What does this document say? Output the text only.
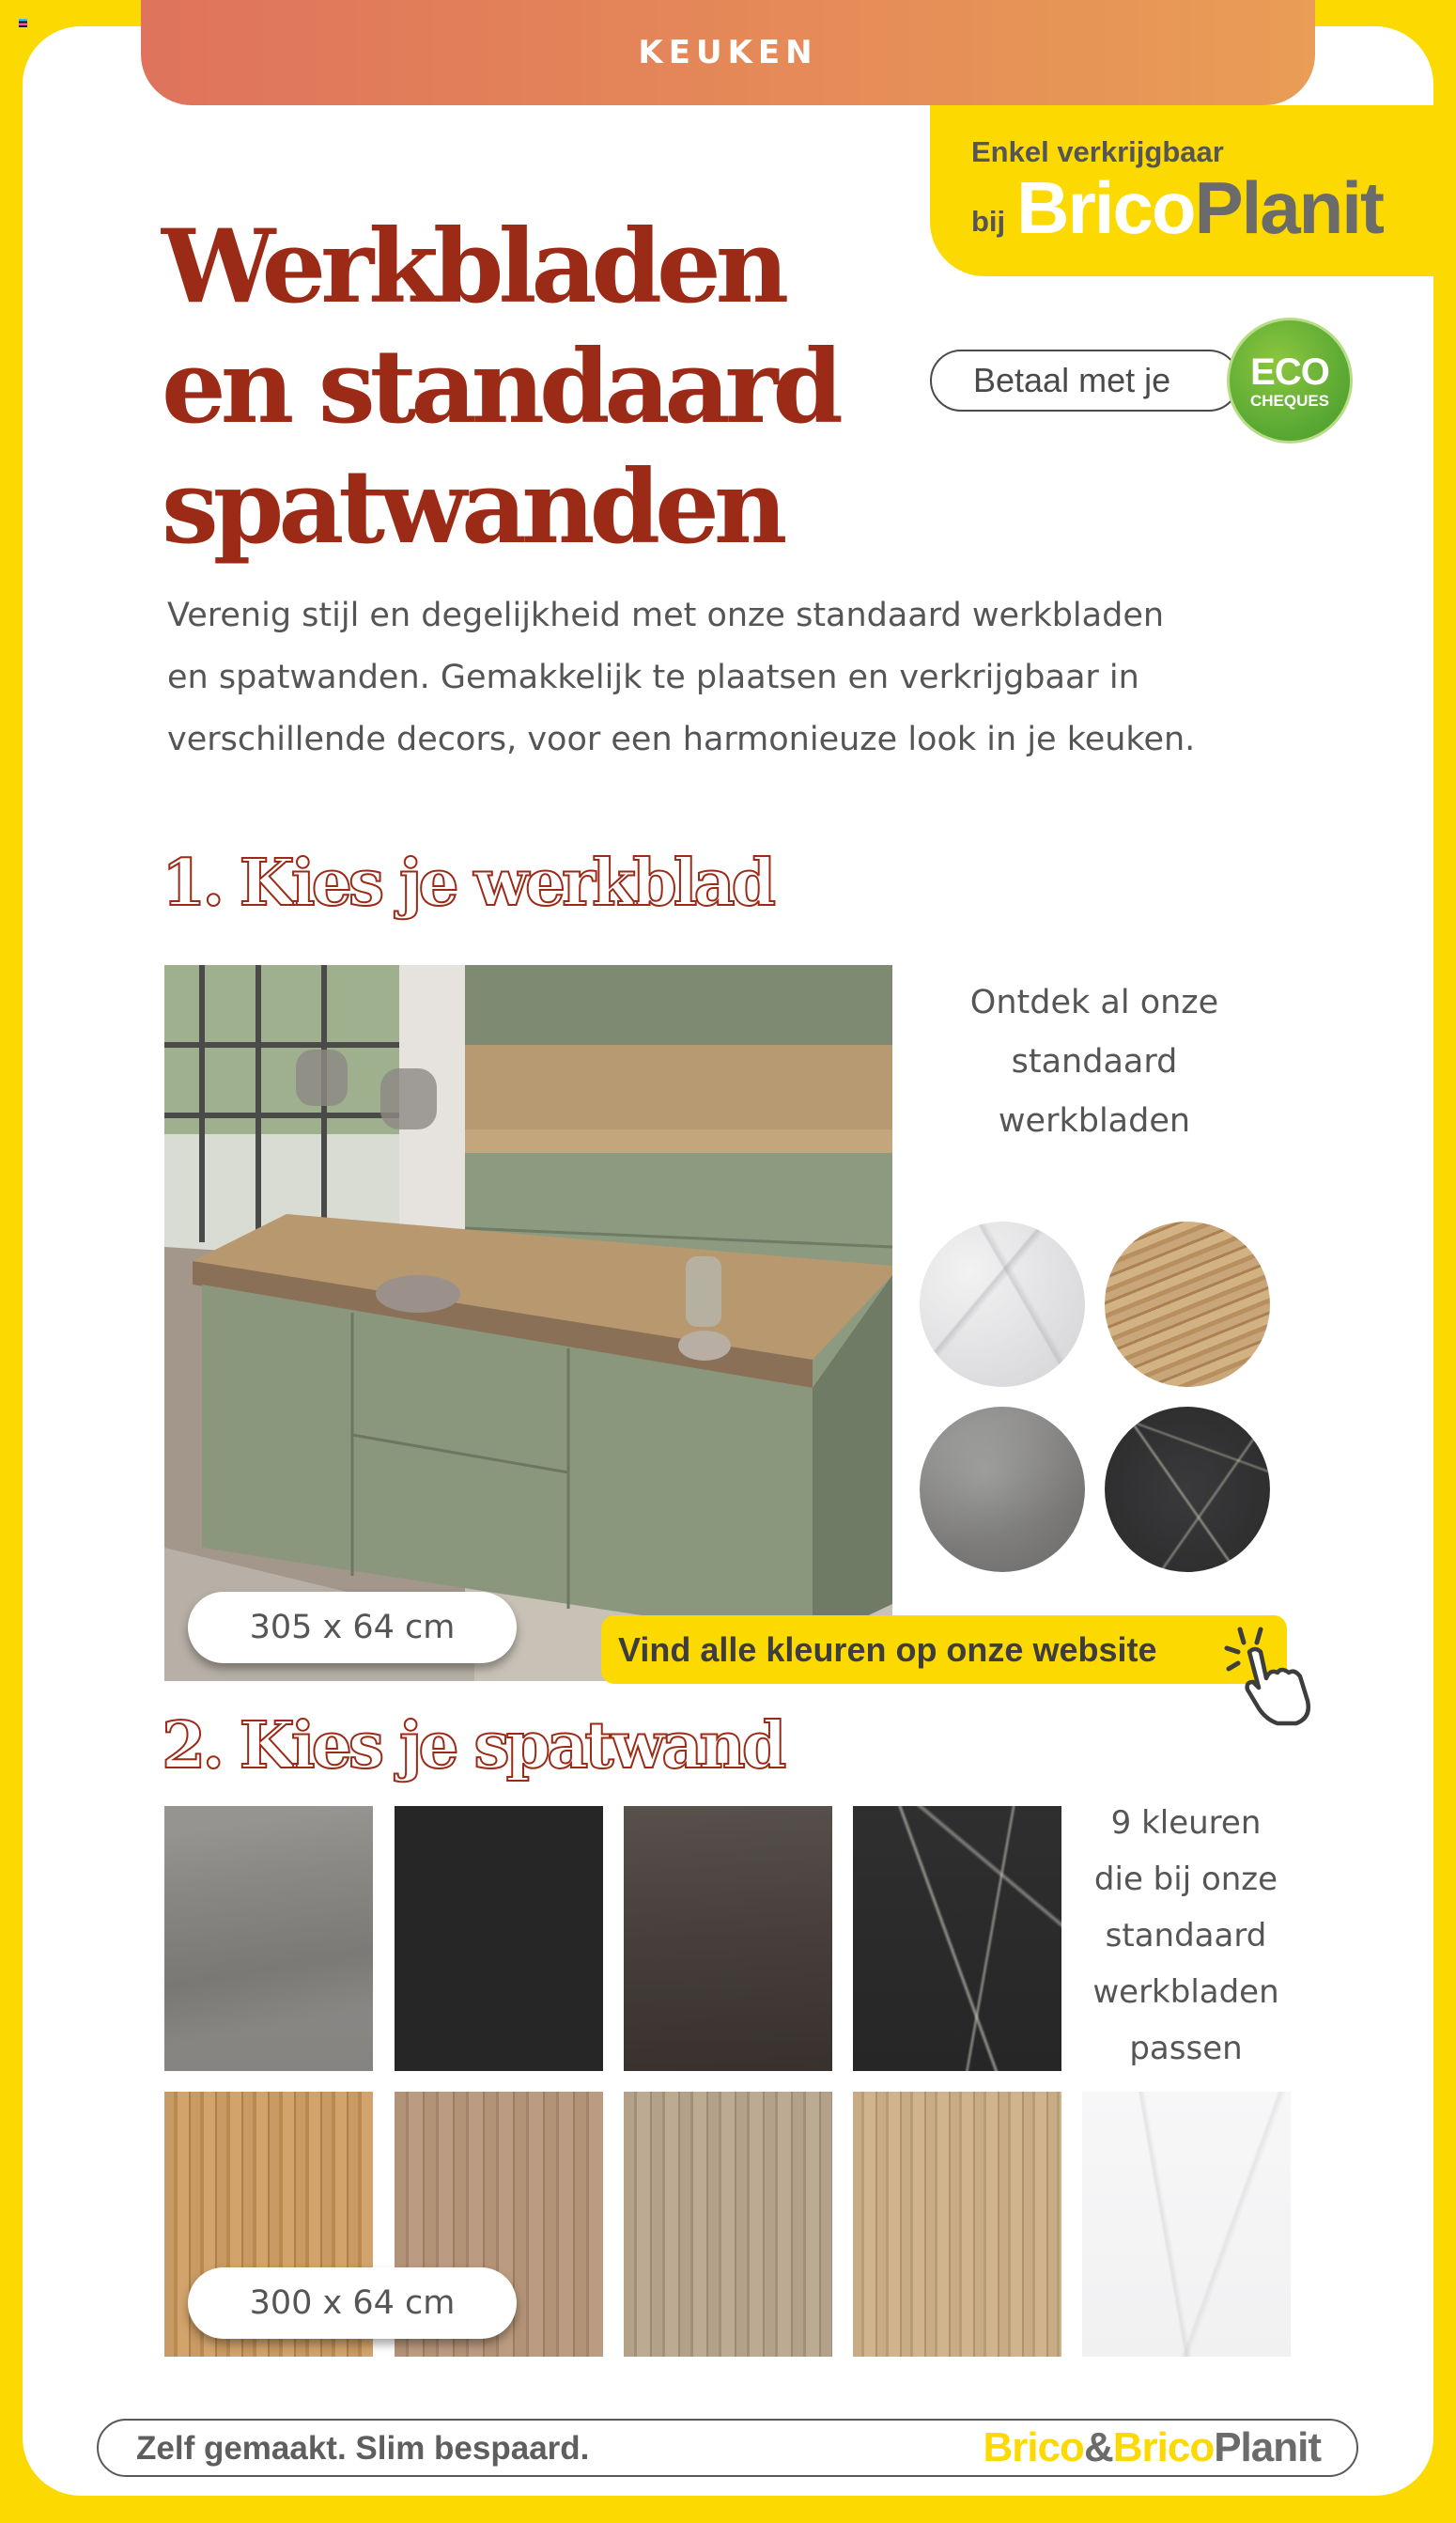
KEUKEN
Enkel verkrijgbaar
bij BricoPlanit
Werkbladen
en standaard
spatwanden
Betaal met je ECO
CHEQUES
Verenig stijl en degelijkheid met onze standaard werkbladen
en spatwanden. Gemakkelijk te plaatsen en verkrijgbaar in
verschillende decors, voor een harmonieuze look in je keuken.
1. Kies je werkblad
305 x 64 cm
Ontdek al onze
standaard
werkbladen
Vind alle kleuren op onze website
2. Kies je spatwand
9 kleuren
die bij onze
standaard
werkbladen
passen
300 x 64 cm
Zelf gemaakt. Slim bespaard.	Brico&BricoPlanit
